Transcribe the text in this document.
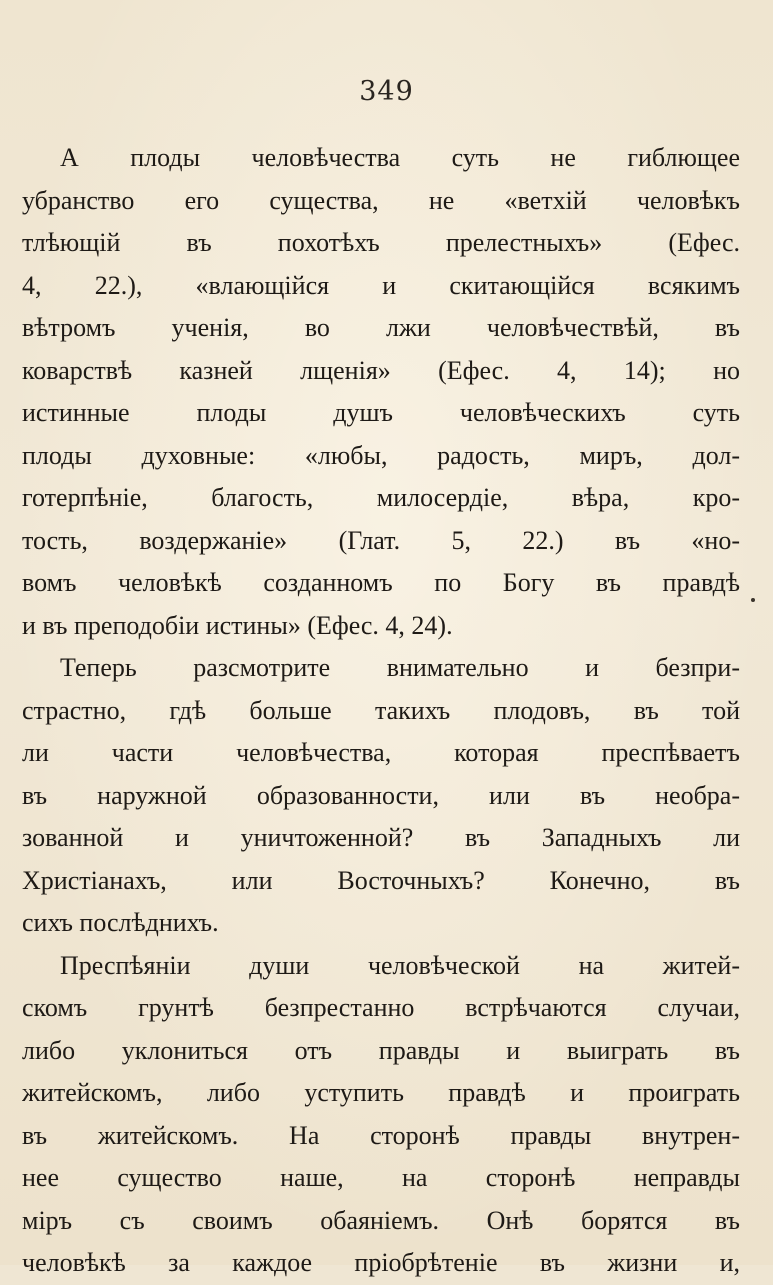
349
А плоды человѣчества суть не гиблющее
убранство его существа, не «ветхій человѣкъ
тлѣющій въ похотѣхъ прелестныхъ» (Ефес.
4, 22.), «влающійся и скитающійся всякимъ
вѣтромъ ученія, во лжи человѣчествѣй, въ
коварствѣ казней лщенія» (Ефес. 4, 14); но
истинные плоды душъ человѣческихъ суть
плоды духовные: «любы, радость, миръ, дол-
готерпѣніе, благость, милосердіе, вѣра, кро-
тость, воздержаніе» (Глат. 5, 22.) въ «но-
вомъ человѣкѣ созданномъ по Богу въ правдѣ
и въ преподобіи истины» (Ефес. 4, 24).
Теперь разсмотрите внимательно и безпри-
страстно, гдѣ больше такихъ плодовъ, въ той
ли части человѣчества, которая преспѣваетъ
въ наружной образованности, или въ необра-
зованной и уничтоженной? въ Западныхъ ли
Христіанахъ, или Восточныхъ? Конечно, въ
сихъ послѣднихъ.
Преспѣяніи души человѣческой на житей-
скомъ грунтѣ безпрестанно встрѣчаются случаи,
либо уклониться отъ правды и выиграть въ
житейскомъ, либо уступить правдѣ и проиграть
въ житейскомъ. На сторонѣ правды внутрен-
нее существо наше, на сторонѣ неправды
міръ съ своимъ обаяніемъ. Онѣ борятся въ
человѣкѣ за каждое пріобрѣтеніе въ жизни и,
